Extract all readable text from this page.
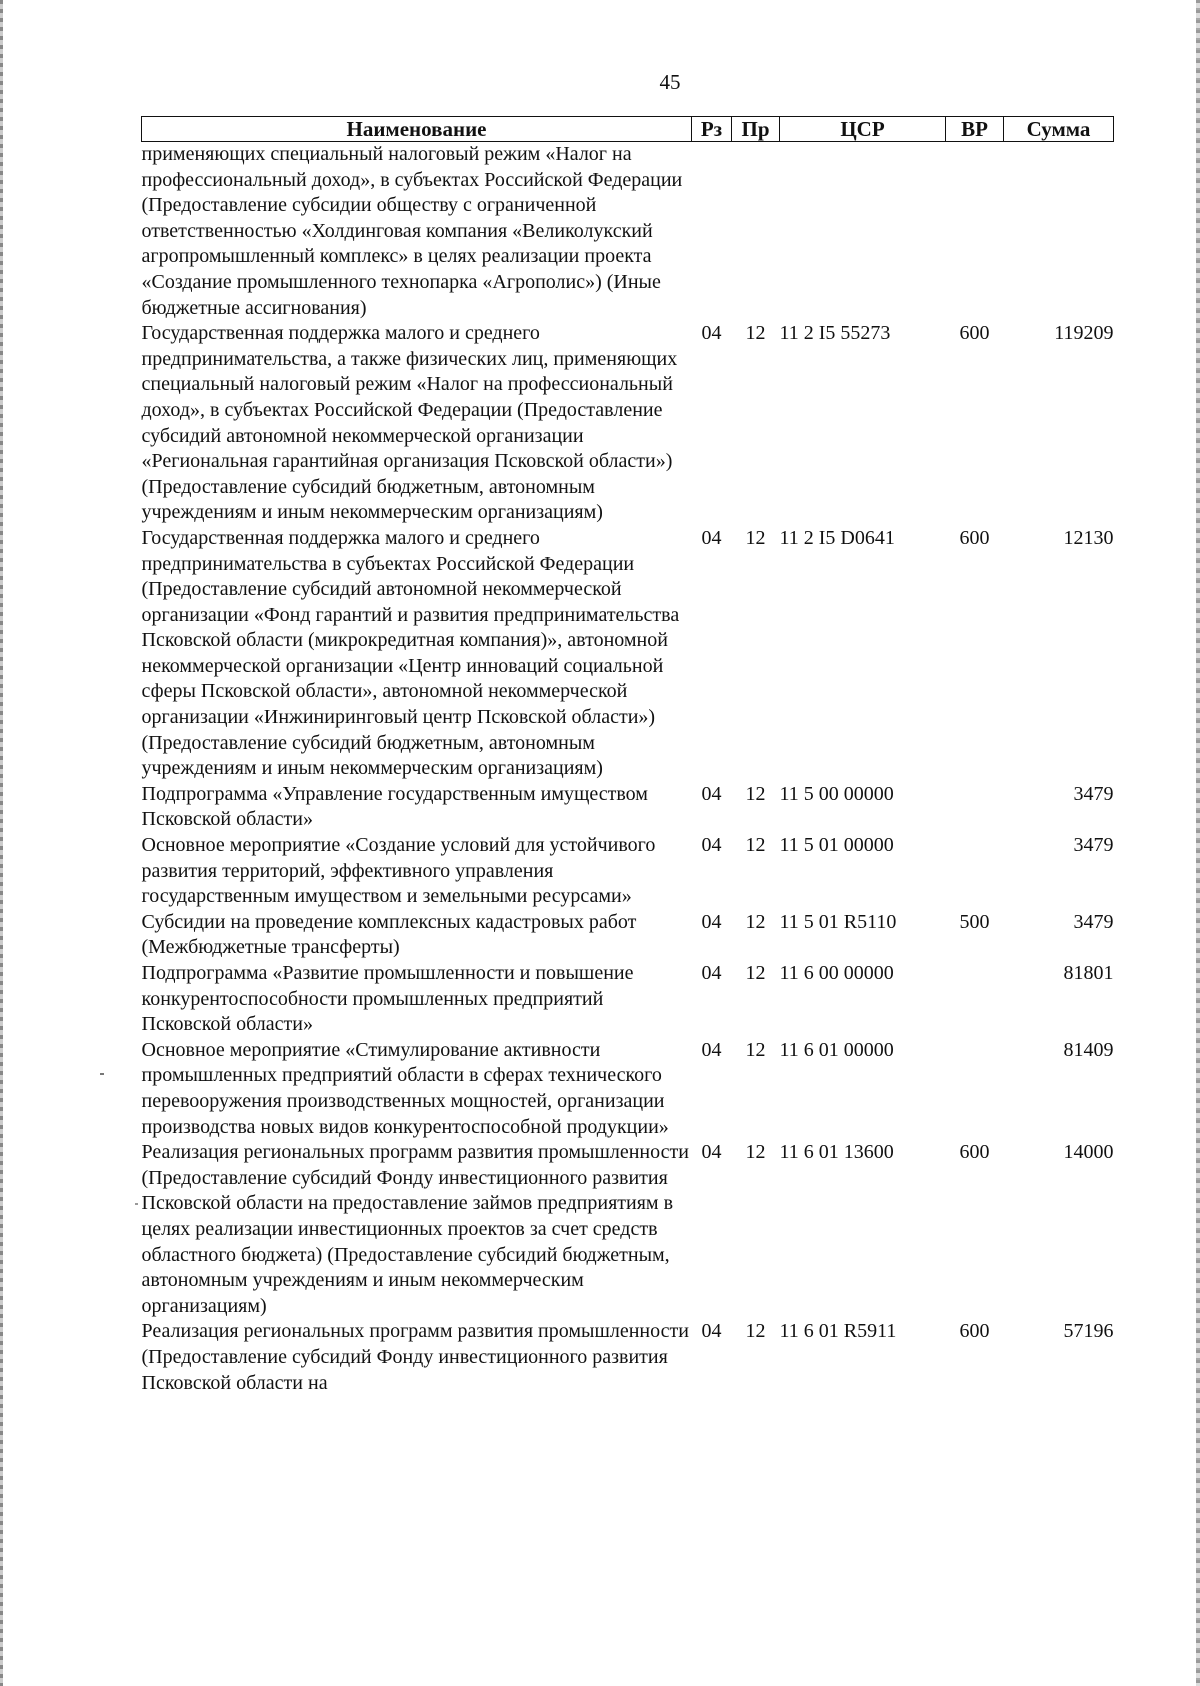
45
Наименование	Рз	Пр	ЦСР	ВР	Сумма
применяющих специальный налоговый режим «Налог на профессиональный доход», в субъектах Российской Федерации (Предоставление субсидии обществу с ограниченной ответственностью «Холдинговая компания «Великолукский агропромышленный комплекс» в целях реализации проекта «Создание промышленного технопарка «Агрополис») (Иные бюджетные ассигнования)					
Государственная поддержка малого и среднего предпринимательства, а также физических лиц, применяющих специальный налоговый режим «Налог на профессиональный доход», в субъектах Российской Федерации (Предоставление субсидий автономной некоммерческой организации «Региональная гарантийная организация Псковской области») (Предоставление субсидий бюджетным, автономным учреждениям и иным некоммерческим организациям)	04	12	11 2 I5 55273	600	119209
Государственная поддержка малого и среднего предпринимательства в субъектах Российской Федерации (Предоставление субсидий автономной некоммерческой организации «Фонд гарантий и развития предпринимательства Псковской области (микрокредитная компания)», автономной некоммерческой организации «Центр инноваций социальной сферы Псковской области», автономной некоммерческой организации «Инжиниринговый центр Псковской области») (Предоставление субсидий бюджетным, автономным учреждениям и иным некоммерческим организациям)	04	12	11 2 I5 D0641	600	12130
Подпрограмма «Управление государственным имуществом Псковской области»	04	12	11 5 00 00000		3479
Основное мероприятие «Создание условий для устойчивого развития территорий, эффективного управления государственным имуществом и земельными ресурсами»	04	12	11 5 01 00000		3479
Субсидии на проведение комплексных кадастровых работ (Межбюджетные трансферты)	04	12	11 5 01 R5110	500	3479
Подпрограмма «Развитие промышленности и повышение конкурентоспособности промышленных предприятий Псковской области»	04	12	11 6 00 00000		81801
Основное мероприятие «Стимулирование активности промышленных предприятий области в сферах технического перевооружения производственных мощностей, организации производства новых видов конкурентоспособной продукции»	04	12	11 6 01 00000		81409
Реализация региональных программ развития промышленности (Предоставление субсидий Фонду инвестиционного развития Псковской области на предоставление займов предприятиям в целях реализации инвестиционных проектов за счет средств областного бюджета) (Предоставление субсидий бюджетным, автономным учреждениям и иным некоммерческим организациям)	04	12	11 6 01 13600	600	14000
Реализация региональных программ развития промышленности (Предоставление субсидий Фонду инвестиционного развития Псковской области на	04	12	11 6 01 R5911	600	57196
